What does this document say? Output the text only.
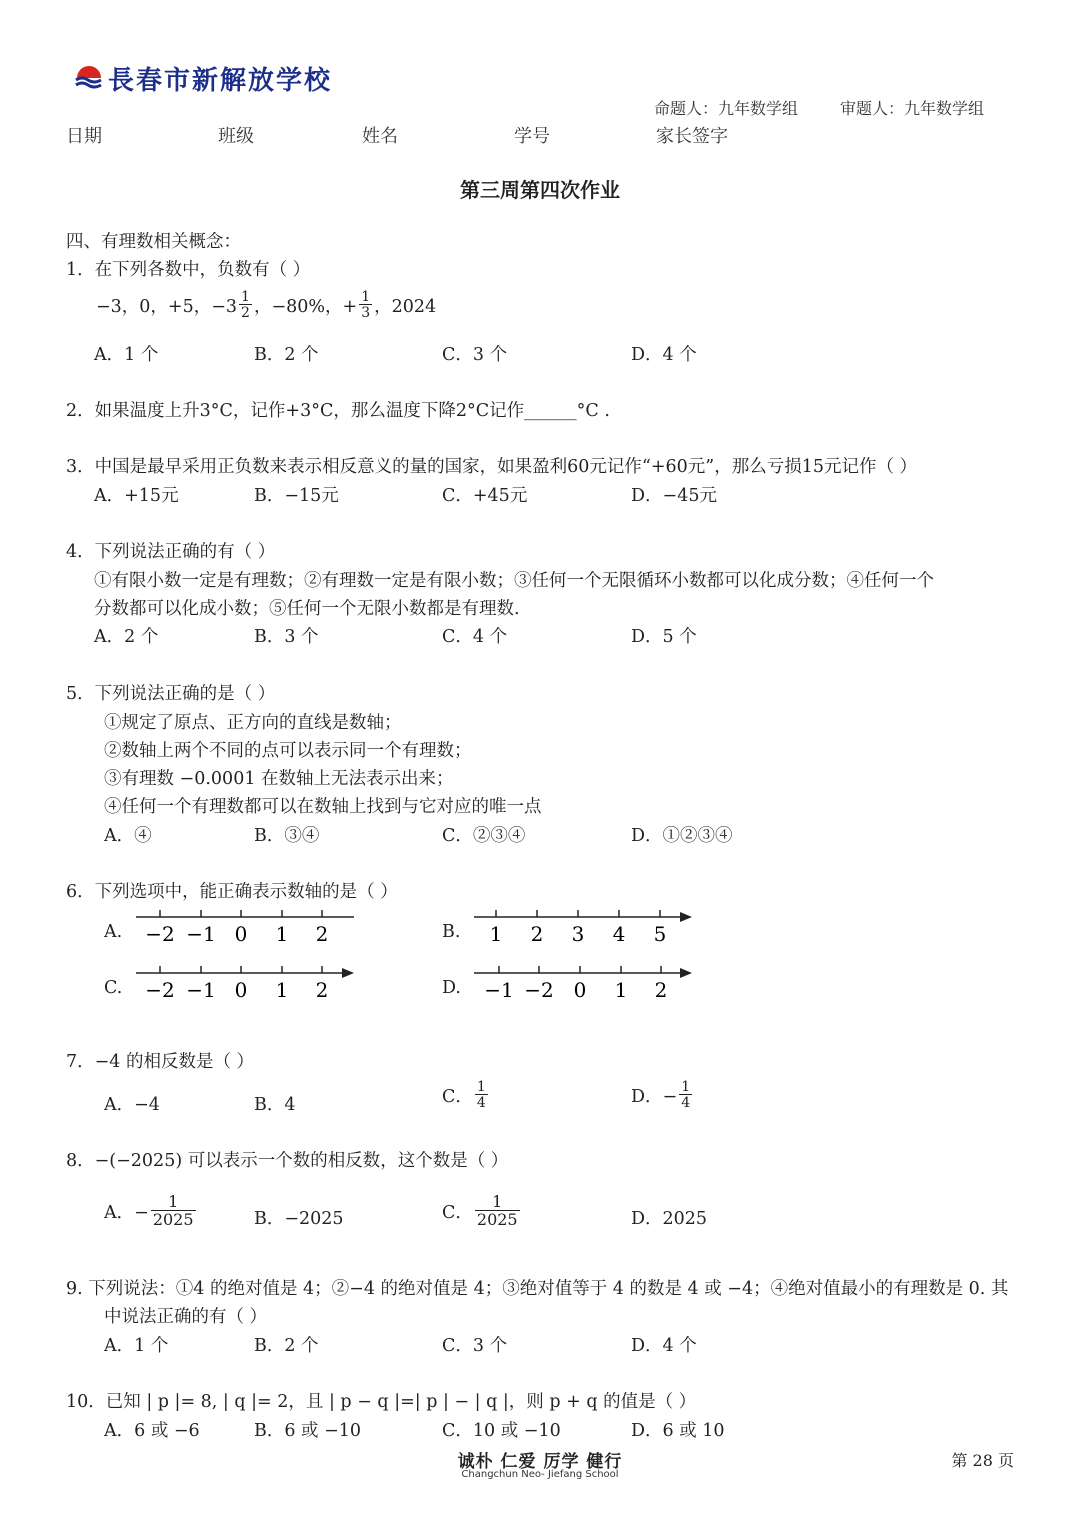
長春市新解放学校
命题人：九年数学组	审题人：九年数学组
日期	班级	姓名	学号	家长签字
第三周第四次作业
四、有理数相关概念：
1．在下列各数中，负数有（ ）
−3，0，+5，$-3 \frac{1}{2}$ ，−80%，+ $\frac{1}{3}$ ，2024
A．1 个	B．2 个	C．3 个	D．4 个
2．如果温度上升3°C，记作+3°C，那么温度下降2°C记作______°C .
3．中国是最早采用正负数来表示相反意义的量的国家，如果盈利60元记作“+60元”，那么亏损15元记作（ ）
A．+15元	B．−15元	C．+45元	D．−45元
4．下列说法正确的有（ ）
①有限小数一定是有理数；②有理数一定是有限小数；③任何一个无限循环小数都可以化成分数；④任何一个
分数都可以化成小数；⑤任何一个无限小数都是有理数.
A．2 个	B．3 个	C．4 个	D．5 个
5．下列说法正确的是（ ）
①规定了原点、正方向的直线是数轴；
②数轴上两个不同的点可以表示同一个有理数；
③有理数 −0.0001 在数轴上无法表示出来；
④任何一个有理数都可以在数轴上找到与它对应的唯一点
A．④	B．③④	C．②③④	D．①②③④
6．下列选项中，能正确表示数轴的是（ ）
A. −2 −1 0 1 2	B. 1 2 3 4 5
C. −2 −1 0 1 2	D. −1 −2 0 1 2
7．−4 的相反数是（ ）
A．−4	B．4	C． $\frac{1}{4}$	D．− $\frac{1}{4}$
8．−(−2025) 可以表示一个数的相反数，这个数是（ ）
A．− $\frac{1}{2025}$	B．−2025	C． $\frac{1}{2025}$	D．2025
9. 下列说法：①4 的绝对值是 4；②−4 的绝对值是 4；③绝对值等于 4 的数是 4 或 −4；④绝对值最小的有理数是 0. 其
中说法正确的有（ ）
A．1 个	B．2 个	C．3 个	D．4 个
10．已知 | p |= 8, | q |= 2，且 | p − q |=| p | − | q |，则 p + q 的值是（ ）
A．6 或 −6	B．6 或 −10	C．10 或 −10	D．6 或 10
诚朴 仁爱 厉学 健行
Changchun Neo- Jiefang School
第 28 页
